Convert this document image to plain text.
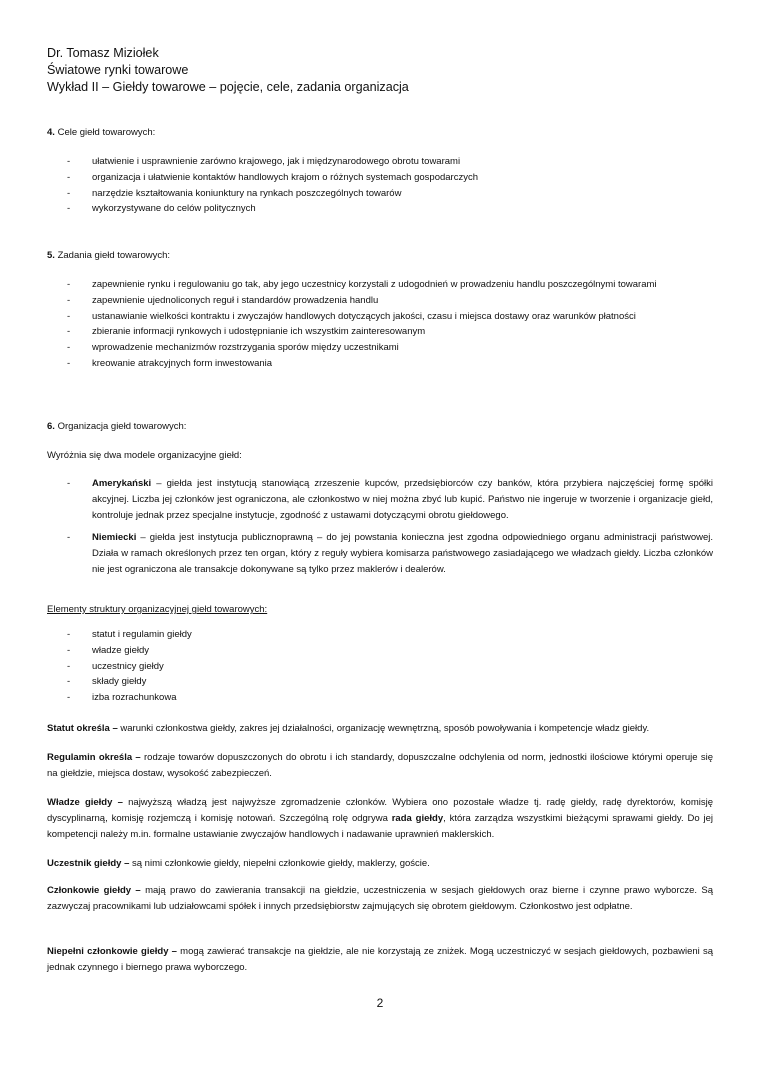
Dr. Tomasz Miziołek
Światowe rynki towarowe
Wykład II – Giełdy towarowe – pojęcie, cele, zadania organizacja
4. Cele giełd towarowych:
- ułatwienie i usprawnienie zarówno krajowego, jak i międzynarodowego obrotu towarami
- organizacja i ułatwienie kontaktów handlowych krajom o różnych systemach gospodarczych
- narzędzie kształtowania koniunktury na rynkach poszczególnych towarów
- wykorzystywane do celów politycznych
5. Zadania giełd towarowych:
- zapewnienie rynku i regulowaniu go tak, aby jego uczestnicy korzystali z udogodnień w prowadzeniu handlu poszczególnymi towarami
- zapewnienie ujednoliconych reguł i standardów prowadzenia handlu
- ustanawianie wielkości kontraktu i zwyczajów handlowych dotyczących jakości, czasu i miejsca dostawy oraz warunków płatności
- zbieranie informacji rynkowych i udostępnianie ich wszystkim zainteresowanym
- wprowadzenie mechanizmów rozstrzygania sporów między uczestnikami
- kreowanie atrakcyjnych form inwestowania
6. Organizacja giełd towarowych:
Wyróżnia się dwa modele organizacyjne giełd:
- Amerykański – giełda jest instytucją stanowiącą zrzeszenie kupców, przedsiębiorców czy banków, która przybiera najczęściej formę spółki akcyjnej. Liczba jej członków jest ograniczona, ale członkostwo w niej można zbyć lub kupić. Państwo nie ingeruje w tworzenie i organizacje giełd, kontroluje jednak przez specjalne instytucje, zgodność z ustawami dotyczącymi obrotu giełdowego.
- Niemiecki – giełda jest instytucja publicznoprawną – do jej powstania konieczna jest zgodna odpowiedniego organu administracji państwowej. Działa w ramach określonych przez ten organ, który z reguły wybiera komisarza państwowego zasiadającego we władzach giełdy. Liczba członków nie jest ograniczona ale transakcje dokonywane są tylko przez maklerów i dealerów.
Elementy struktury organizacyjnej giełd towarowych:
- statut i regulamin giełdy
- władze giełdy
- uczestnicy giełdy
- składy giełdy
- izba rozrachunkowa
Statut określa – warunki członkostwa giełdy, zakres jej działalności, organizację wewnętrzną, sposób powoływania i kompetencje władz giełdy.
Regulamin określa – rodzaje towarów dopuszczonych do obrotu i ich standardy, dopuszczalne odchylenia od norm, jednostki ilościowe którymi operuje się na giełdzie, miejsca dostaw, wysokość zabezpieczeń.
Władze giełdy – najwyższą władzą jest najwyższe zgromadzenie członków. Wybiera ono pozostałe władze tj. radę giełdy, radę dyrektorów, komisję dyscyplinarną, komisję rozjemczą i komisję notowań. Szczególną rolę odgrywa rada giełdy, która zarządza wszystkimi bieżącymi sprawami giełdy. Do jej kompetencji należy m.in. formalne ustawianie zwyczajów handlowych i nadawanie uprawnień maklerskich.
Uczestnik giełdy – są nimi członkowie giełdy, niepełni członkowie giełdy, maklerzy, goście.
Członkowie giełdy – mają prawo do zawierania transakcji na giełdzie, uczestniczenia w sesjach giełdowych oraz bierne i czynne prawo wyborcze. Są zazwyczaj pracownikami lub udziałowcami spółek i innych przedsiębiorstw zajmujących się obrotem giełdowym. Członkostwo jest odpłatne.
Niepełni członkowie giełdy – mogą zawierać transakcje na giełdzie, ale nie korzystają ze zniżek. Mogą uczestniczyć w sesjach giełdowych, pozbawieni są jednak czynnego i biernego prawa wyborczego.
2
